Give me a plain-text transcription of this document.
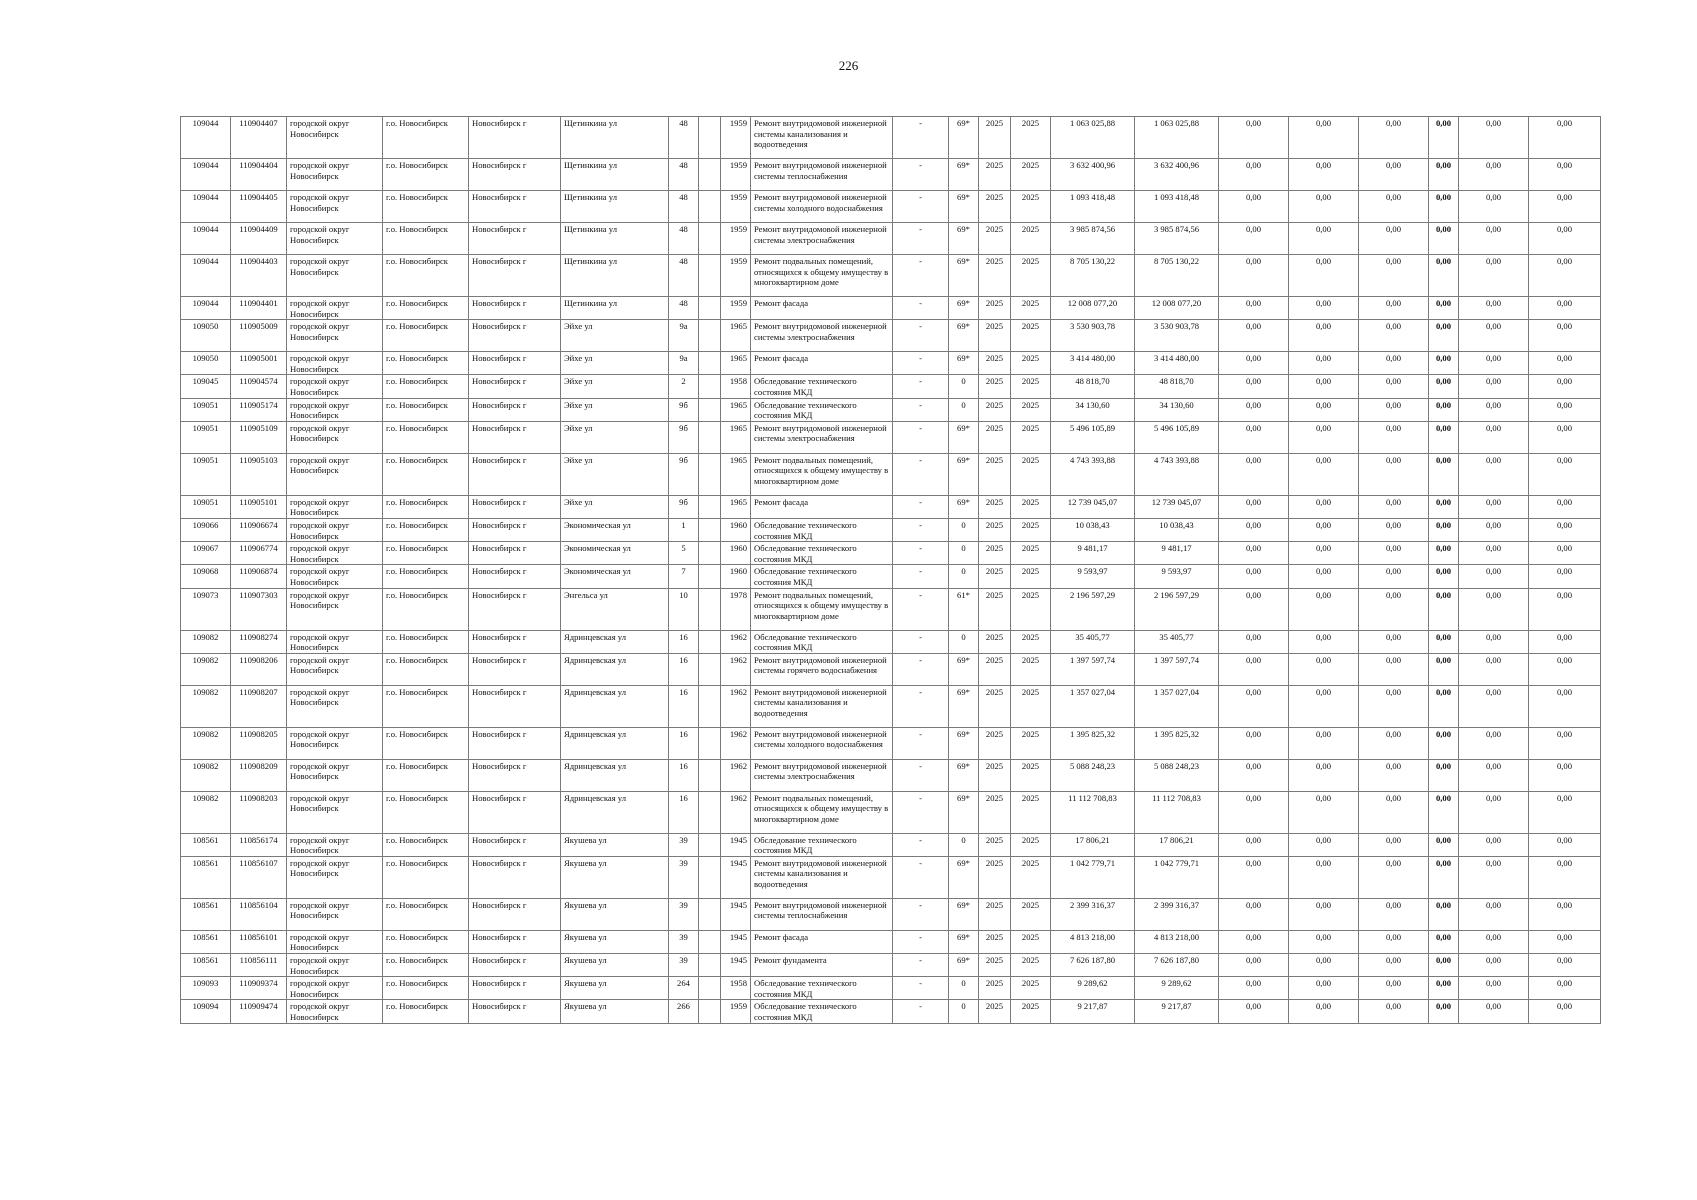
226
109044	110904407	городской округ Новосибирск	г.о. Новосибирск	Новосибирск г	Щетинкина ул	48		1959	Ремонт внутридомовой инженерной системы канализования и водоотведения	-	69*	2025	2025	1 063 025,88	1 063 025,88	0,00	0,00	0,00	0,00	0,00	0,00
109044	110904404	городской округ Новосибирск	г.о. Новосибирск	Новосибирск г	Щетинкина ул	48		1959	Ремонт внутридомовой инженерной системы теплоснабжения	-	69*	2025	2025	3 632 400,96	3 632 400,96	0,00	0,00	0,00	0,00	0,00	0,00
109044	110904405	городской округ Новосибирск	г.о. Новосибирск	Новосибирск г	Щетинкина ул	48		1959	Ремонт внутридомовой инженерной системы холодного водоснабжения	-	69*	2025	2025	1 093 418,48	1 093 418,48	0,00	0,00	0,00	0,00	0,00	0,00
109044	110904409	городской округ Новосибирск	г.о. Новосибирск	Новосибирск г	Щетинкина ул	48		1959	Ремонт внутридомовой инженерной системы электроснабжения	-	69*	2025	2025	3 985 874,56	3 985 874,56	0,00	0,00	0,00	0,00	0,00	0,00
109044	110904403	городской округ Новосибирск	г.о. Новосибирск	Новосибирск г	Щетинкина ул	48		1959	Ремонт подвальных помещений, относящихся к общему имуществу в многоквартирном доме	-	69*	2025	2025	8 705 130,22	8 705 130,22	0,00	0,00	0,00	0,00	0,00	0,00
109044	110904401	городской округ Новосибирск	г.о. Новосибирск	Новосибирск г	Щетинкина ул	48		1959	Ремонт фасада	-	69*	2025	2025	12 008 077,20	12 008 077,20	0,00	0,00	0,00	0,00	0,00	0,00
109050	110905009	городской округ Новосибирск	г.о. Новосибирск	Новосибирск г	Эйхе ул	9а		1965	Ремонт внутридомовой инженерной системы электроснабжения	-	69*	2025	2025	3 530 903,78	3 530 903,78	0,00	0,00	0,00	0,00	0,00	0,00
109050	110905001	городской округ Новосибирск	г.о. Новосибирск	Новосибирск г	Эйхе ул	9а		1965	Ремонт фасада	-	69*	2025	2025	3 414 480,00	3 414 480,00	0,00	0,00	0,00	0,00	0,00	0,00
109045	110904574	городской округ Новосибирск	г.о. Новосибирск	Новосибирск г	Эйхе ул	2		1958	Обследование технического состояния МКД	-	0	2025	2025	48 818,70	48 818,70	0,00	0,00	0,00	0,00	0,00	0,00
109051	110905174	городской округ Новосибирск	г.о. Новосибирск	Новосибирск г	Эйхе ул	9б		1965	Обследование технического состояния МКД	-	0	2025	2025	34 130,60	34 130,60	0,00	0,00	0,00	0,00	0,00	0,00
109051	110905109	городской округ Новосибирск	г.о. Новосибирск	Новосибирск г	Эйхе ул	9б		1965	Ремонт внутридомовой инженерной системы электроснабжения	-	69*	2025	2025	5 496 105,89	5 496 105,89	0,00	0,00	0,00	0,00	0,00	0,00
109051	110905103	городской округ Новосибирск	г.о. Новосибирск	Новосибирск г	Эйхе ул	9б		1965	Ремонт подвальных помещений, относящихся к общему имуществу в многоквартирном доме	-	69*	2025	2025	4 743 393,88	4 743 393,88	0,00	0,00	0,00	0,00	0,00	0,00
109051	110905101	городской округ Новосибирск	г.о. Новосибирск	Новосибирск г	Эйхе ул	9б		1965	Ремонт фасада	-	69*	2025	2025	12 739 045,07	12 739 045,07	0,00	0,00	0,00	0,00	0,00	0,00
109066	110906674	городской округ Новосибирск	г.о. Новосибирск	Новосибирск г	Экономическая ул	1		1960	Обследование технического состояния МКД	-	0	2025	2025	10 038,43	10 038,43	0,00	0,00	0,00	0,00	0,00	0,00
109067	110906774	городской округ Новосибирск	г.о. Новосибирск	Новосибирск г	Экономическая ул	5		1960	Обследование технического состояния МКД	-	0	2025	2025	9 481,17	9 481,17	0,00	0,00	0,00	0,00	0,00	0,00
109068	110906874	городской округ Новосибирск	г.о. Новосибирск	Новосибирск г	Экономическая ул	7		1960	Обследование технического состояния МКД	-	0	2025	2025	9 593,97	9 593,97	0,00	0,00	0,00	0,00	0,00	0,00
109073	110907303	городской округ Новосибирск	г.о. Новосибирск	Новосибирск г	Энгельса ул	10		1978	Ремонт подвальных помещений, относящихся к общему имуществу в многоквартирном доме	-	61*	2025	2025	2 196 597,29	2 196 597,29	0,00	0,00	0,00	0,00	0,00	0,00
109082	110908274	городской округ Новосибирск	г.о. Новосибирск	Новосибирск г	Ядринцевская ул	16		1962	Обследование технического состояния МКД	-	0	2025	2025	35 405,77	35 405,77	0,00	0,00	0,00	0,00	0,00	0,00
109082	110908206	городской округ Новосибирск	г.о. Новосибирск	Новосибирск г	Ядринцевская ул	16		1962	Ремонт внутридомовой инженерной системы горячего водоснабжения	-	69*	2025	2025	1 397 597,74	1 397 597,74	0,00	0,00	0,00	0,00	0,00	0,00
109082	110908207	городской округ Новосибирск	г.о. Новосибирск	Новосибирск г	Ядринцевская ул	16		1962	Ремонт внутридомовой инженерной системы канализования и водоотведения	-	69*	2025	2025	1 357 027,04	1 357 027,04	0,00	0,00	0,00	0,00	0,00	0,00
109082	110908205	городской округ Новосибирск	г.о. Новосибирск	Новосибирск г	Ядринцевская ул	16		1962	Ремонт внутридомовой инженерной системы холодного водоснабжения	-	69*	2025	2025	1 395 825,32	1 395 825,32	0,00	0,00	0,00	0,00	0,00	0,00
109082	110908209	городской округ Новосибирск	г.о. Новосибирск	Новосибирск г	Ядринцевская ул	16		1962	Ремонт внутридомовой инженерной системы электроснабжения	-	69*	2025	2025	5 088 248,23	5 088 248,23	0,00	0,00	0,00	0,00	0,00	0,00
109082	110908203	городской округ Новосибирск	г.о. Новосибирск	Новосибирск г	Ядринцевская ул	16		1962	Ремонт подвальных помещений, относящихся к общему имуществу в многоквартирном доме	-	69*	2025	2025	11 112 708,83	11 112 708,83	0,00	0,00	0,00	0,00	0,00	0,00
108561	110856174	городской округ Новосибирск	г.о. Новосибирск	Новосибирск г	Якушева ул	39		1945	Обследование технического состояния МКД	-	0	2025	2025	17 806,21	17 806,21	0,00	0,00	0,00	0,00	0,00	0,00
108561	110856107	городской округ Новосибирск	г.о. Новосибирск	Новосибирск г	Якушева ул	39		1945	Ремонт внутридомовой инженерной системы канализования и водоотведения	-	69*	2025	2025	1 042 779,71	1 042 779,71	0,00	0,00	0,00	0,00	0,00	0,00
108561	110856104	городской округ Новосибирск	г.о. Новосибирск	Новосибирск г	Якушева ул	39		1945	Ремонт внутридомовой инженерной системы теплоснабжения	-	69*	2025	2025	2 399 316,37	2 399 316,37	0,00	0,00	0,00	0,00	0,00	0,00
108561	110856101	городской округ Новосибирск	г.о. Новосибирск	Новосибирск г	Якушева ул	39		1945	Ремонт фасада	-	69*	2025	2025	4 813 218,00	4 813 218,00	0,00	0,00	0,00	0,00	0,00	0,00
108561	110856111	городской округ Новосибирск	г.о. Новосибирск	Новосибирск г	Якушева ул	39		1945	Ремонт фундамента	-	69*	2025	2025	7 626 187,80	7 626 187,80	0,00	0,00	0,00	0,00	0,00	0,00
109093	110909374	городской округ Новосибирск	г.о. Новосибирск	Новосибирск г	Якушева ул	264		1958	Обследование технического состояния МКД	-	0	2025	2025	9 289,62	9 289,62	0,00	0,00	0,00	0,00	0,00	0,00
109094	110909474	городской округ Новосибирск	г.о. Новосибирск	Новосибирск г	Якушева ул	266		1959	Обследование технического состояния МКД	-	0	2025	2025	9 217,87	9 217,87	0,00	0,00	0,00	0,00	0,00	0,00
